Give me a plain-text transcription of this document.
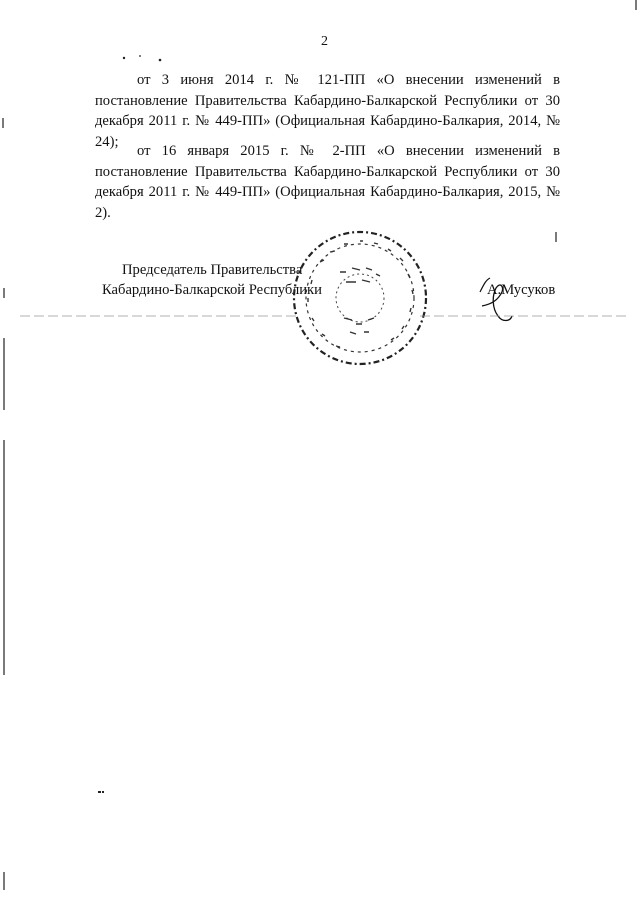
2

от 3 июня 2014 г. № 121-ПП «О внесении изменений в постановление Правительства Кабардино-Балкарской Республики от 30 декабря 2011 г. № 449-ПП» (Официальная Кабардино-Балкария, 2014, № 24);

от 16 января 2015 г. № 2-ПП «О внесении изменений в постановление Правительства Кабардино-Балкарской Республики от 30 декабря 2011 г. № 449-ПП» (Официальная Кабардино-Балкария, 2015, № 2).

Председатель Правительства
Кабардино-Балкарской Республики	А.Мусуков
